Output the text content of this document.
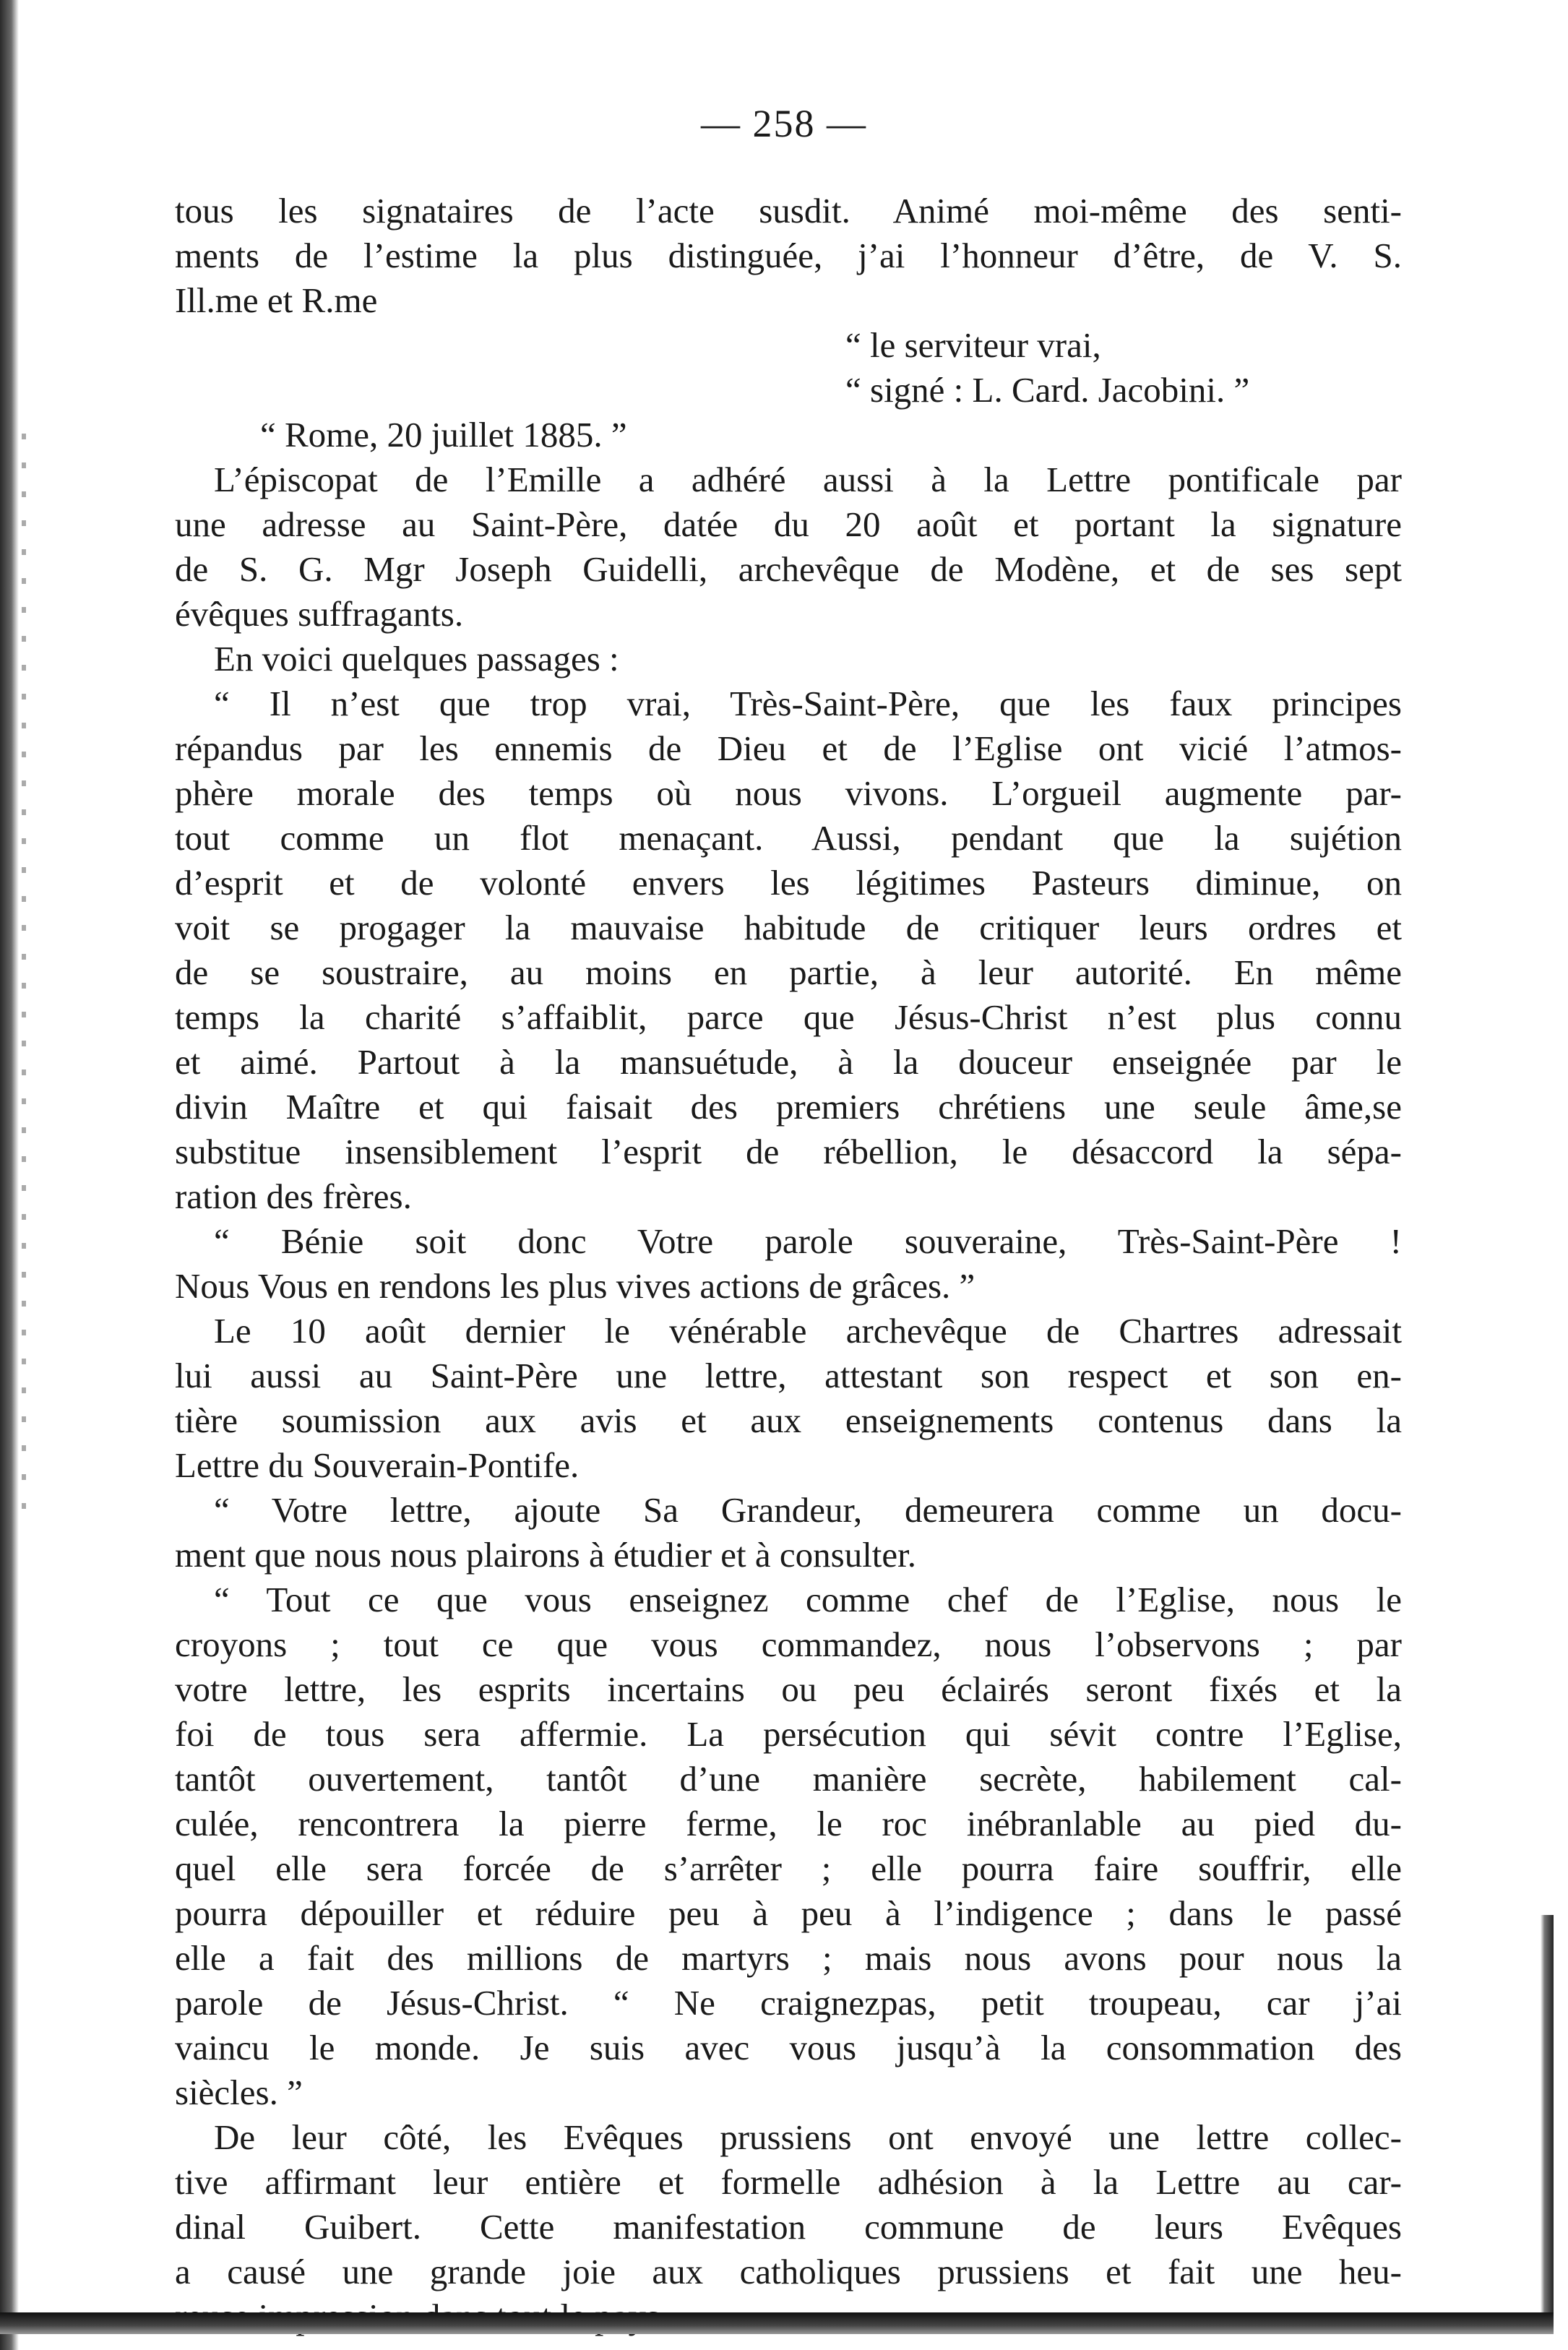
— 258 —
tous les signataires de l’acte susdit. Animé moi-même des senti-
ments de l’estime la plus distinguée, j’ai l’honneur d’être, de V. S.
Ill.me et R.me
“ le serviteur vrai,
“ signé : L. Card. Jacobini. ”
“ Rome, 20 juillet 1885. ”
L’épiscopat de l’Emille a adhéré aussi à la Lettre pontificale par
une adresse au Saint-Père, datée du 20 août et portant la signature
de S. G. Mgr Joseph Guidelli, archevêque de Modène, et de ses sept
évêques suffragants.
En voici quelques passages :
“ Il n’est que trop vrai, Très-Saint-Père, que les faux principes
répandus par les ennemis de Dieu et de l’Eglise ont vicié l’atmos-
phère morale des temps où nous vivons. L’orgueil augmente par-
tout comme un flot menaçant. Aussi, pendant que la sujétion
d’esprit et de volonté envers les légitimes Pasteurs diminue, on
voit se progager la mauvaise habitude de critiquer leurs ordres et
de se soustraire, au moins en partie, à leur autorité. En même
temps la charité s’affaiblit, parce que Jésus-Christ n’est plus connu
et aimé. Partout à la mansuétude, à la douceur enseignée par le
divin Maître et qui faisait des premiers chrétiens une seule âme,se
substitue insensiblement l’esprit de rébellion, le désaccord la sépa-
ration des frères.
“ Bénie soit donc Votre parole souveraine, Très-Saint-Père !
Nous Vous en rendons les plus vives actions de grâces. ”
Le 10 août dernier le vénérable archevêque de Chartres adressait
lui aussi au Saint-Père une lettre, attestant son respect et son en-
tière soumission aux avis et aux enseignements contenus dans la
Lettre du Souverain-Pontife.
“ Votre lettre, ajoute Sa Grandeur, demeurera comme un docu-
ment que nous nous plairons à étudier et à consulter.
“ Tout ce que vous enseignez comme chef de l’Eglise, nous le
croyons ; tout ce que vous commandez, nous l’observons ; par
votre lettre, les esprits incertains ou peu éclairés seront fixés et la
foi de tous sera affermie. La persécution qui sévit contre l’Eglise,
tantôt ouvertement, tantôt d’une manière secrète, habilement cal-
culée, rencontrera la pierre ferme, le roc inébranlable au pied du-
quel elle sera forcée de s’arrêter ; elle pourra faire souffrir, elle
pourra dépouiller et réduire peu à peu à l’indigence ; dans le passé
elle a fait des millions de martyrs ; mais nous avons pour nous la
parole de Jésus-Christ. “ Ne craignezpas, petit troupeau, car j’ai
vaincu le monde. Je suis avec vous jusqu’à la consommation des
siècles. ”
De leur côté, les Evêques prussiens ont envoyé une lettre collec-
tive affirmant leur entière et formelle adhésion à la Lettre au car-
dinal Guibert. Cette manifestation commune de leurs Evêques
a causé une grande joie aux catholiques prussiens et fait une heu-
